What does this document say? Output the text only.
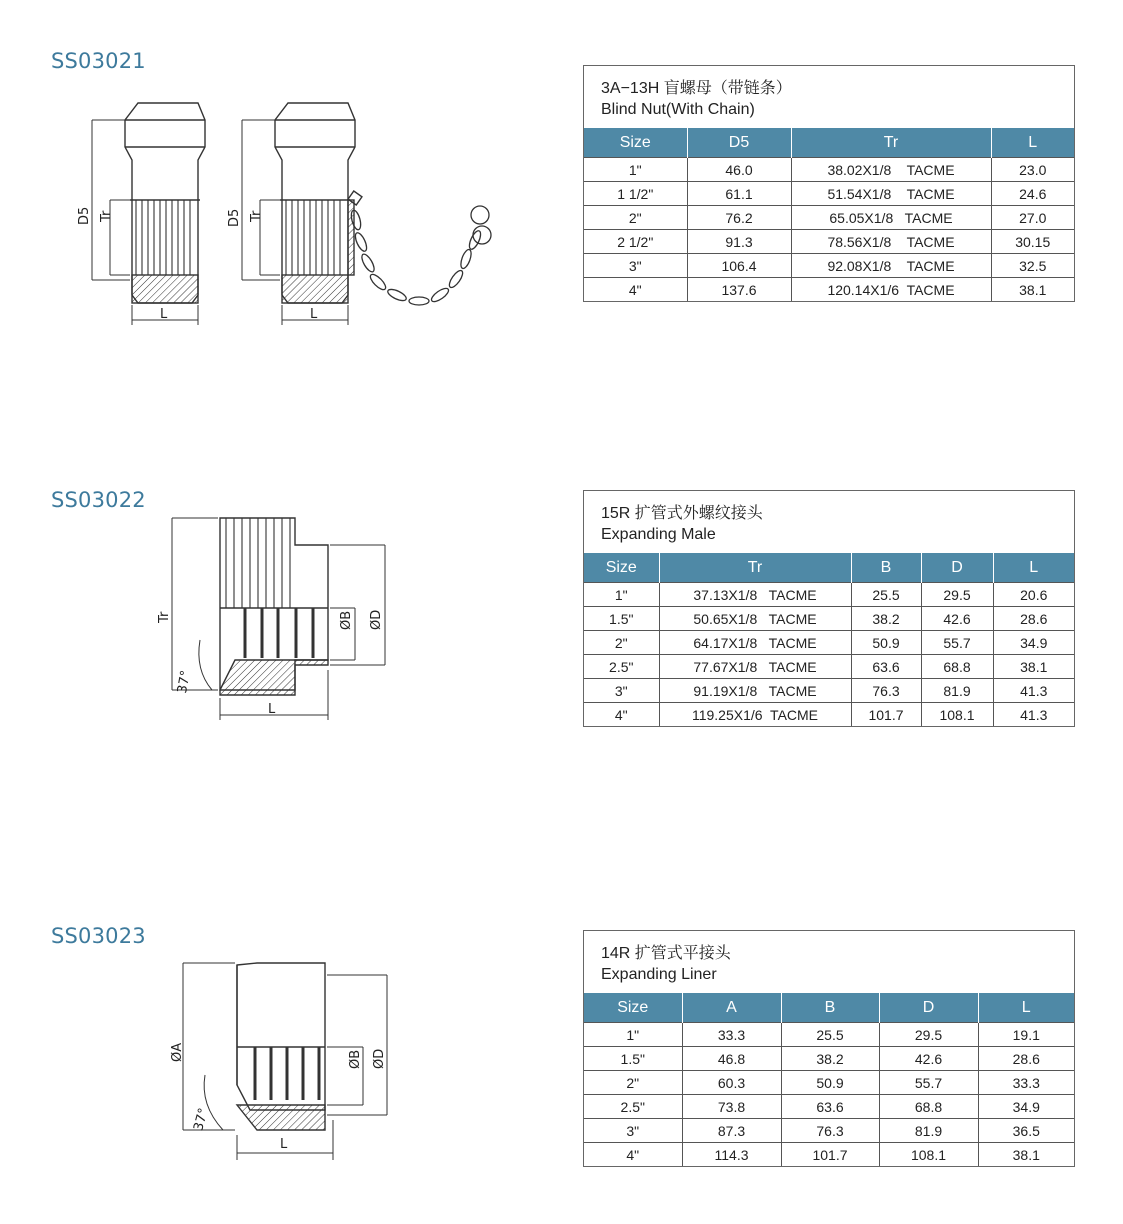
SS03021
D5 Tr
L
D5 Tr
L
3A−13H 盲螺母（带链条）
Blind Nut(With Chain)
Size	D5	Tr	L
1"	46.0	38.02X1/8    TACME	23.0
1 1/2"	61.1	51.54X1/8    TACME	24.6
2"	76.2	65.05X1/8   TACME	27.0
2 1/2"	91.3	78.56X1/8    TACME	30.15
3"	106.4	92.08X1/8    TACME	32.5
4"	137.6	120.14X1/6  TACME	38.1
SS03022
Tr	ØB ØD
37°
L
15R 扩管式外螺纹接头
Expanding Male
Size	Tr	B	D	L
1"	37.13X1/8   TACME	25.5	29.5	20.6
1.5"	50.65X1/8   TACME	38.2	42.6	28.6
2"	64.17X1/8   TACME	50.9	55.7	34.9
2.5"	77.67X1/8   TACME	63.6	68.8	38.1
3"	91.19X1/8   TACME	76.3	81.9	41.3
4"	119.25X1/6  TACME	101.7	108.1	41.3
SS03023
ØA	ØB ØD
37°
L
14R 扩管式平接头
Expanding Liner
Size	A	B	D	L
1"	33.3	25.5	29.5	19.1
1.5"	46.8	38.2	42.6	28.6
2"	60.3	50.9	55.7	33.3
2.5"	73.8	63.6	68.8	34.9
3"	87.3	76.3	81.9	36.5
4"	114.3	101.7	108.1	38.1
